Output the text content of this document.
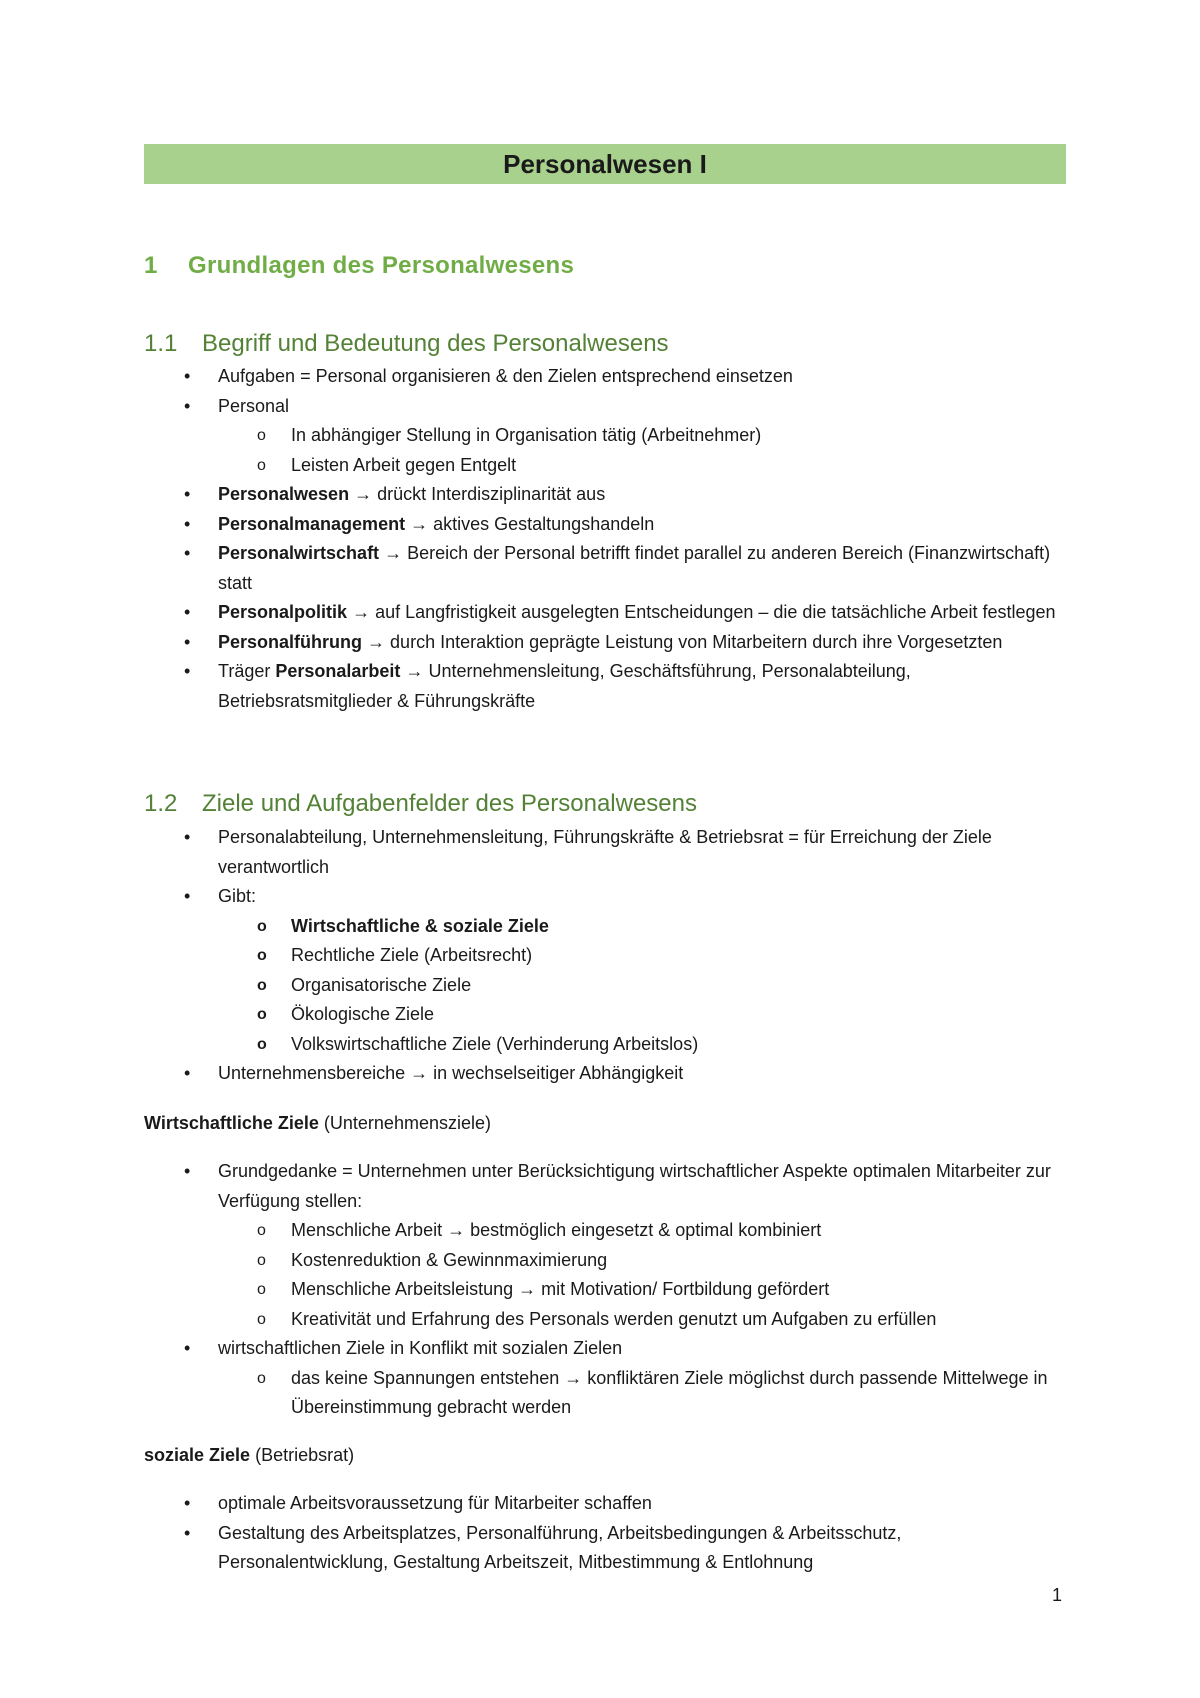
Personalwesen I
1 Grundlagen des Personalwesens
1.1 Begriff und Bedeutung des Personalwesens
• Aufgaben = Personal organisieren & den Zielen entsprechend einsetzen
• Personal
o In abhängiger Stellung in Organisation tätig (Arbeitnehmer)
o Leisten Arbeit gegen Entgelt
• Personalwesen → drückt Interdisziplinarität aus
• Personalmanagement → aktives Gestaltungshandeln
• Personalwirtschaft → Bereich der Personal betrifft findet parallel zu anderen Bereich (Finanzwirtschaft) statt
• Personalpolitik → auf Langfristigkeit ausgelegten Entscheidungen – die die tatsächliche Arbeit festlegen
• Personalführung → durch Interaktion geprägte Leistung von Mitarbeitern durch ihre Vorgesetzten
• Träger Personalarbeit → Unternehmensleitung, Geschäftsführung, Personalabteilung, Betriebsratsmitglieder & Führungskräfte
1.2 Ziele und Aufgabenfelder des Personalwesens
• Personalabteilung, Unternehmensleitung, Führungskräfte & Betriebsrat = für Erreichung der Ziele verantwortlich
• Gibt:
o Wirtschaftliche & soziale Ziele
o Rechtliche Ziele (Arbeitsrecht)
o Organisatorische Ziele
o Ökologische Ziele
o Volkswirtschaftliche Ziele (Verhinderung Arbeitslos)
• Unternehmensbereiche → in wechselseitiger Abhängigkeit
Wirtschaftliche Ziele (Unternehmensziele)
• Grundgedanke = Unternehmen unter Berücksichtigung wirtschaftlicher Aspekte optimalen Mitarbeiter zur Verfügung stellen:
o Menschliche Arbeit → bestmöglich eingesetzt & optimal kombiniert
o Kostenreduktion & Gewinnmaximierung
o Menschliche Arbeitsleistung → mit Motivation/ Fortbildung gefördert
o Kreativität und Erfahrung des Personals werden genutzt um Aufgaben zu erfüllen
• wirtschaftlichen Ziele in Konflikt mit sozialen Zielen
o das keine Spannungen entstehen → konfliktären Ziele möglichst durch passende Mittelwege in Übereinstimmung gebracht werden
soziale Ziele (Betriebsrat)
• optimale Arbeitsvoraussetzung für Mitarbeiter schaffen
• Gestaltung des Arbeitsplatzes, Personalführung, Arbeitsbedingungen & Arbeitsschutz, Personalentwicklung, Gestaltung Arbeitszeit, Mitbestimmung & Entlohnung
1
